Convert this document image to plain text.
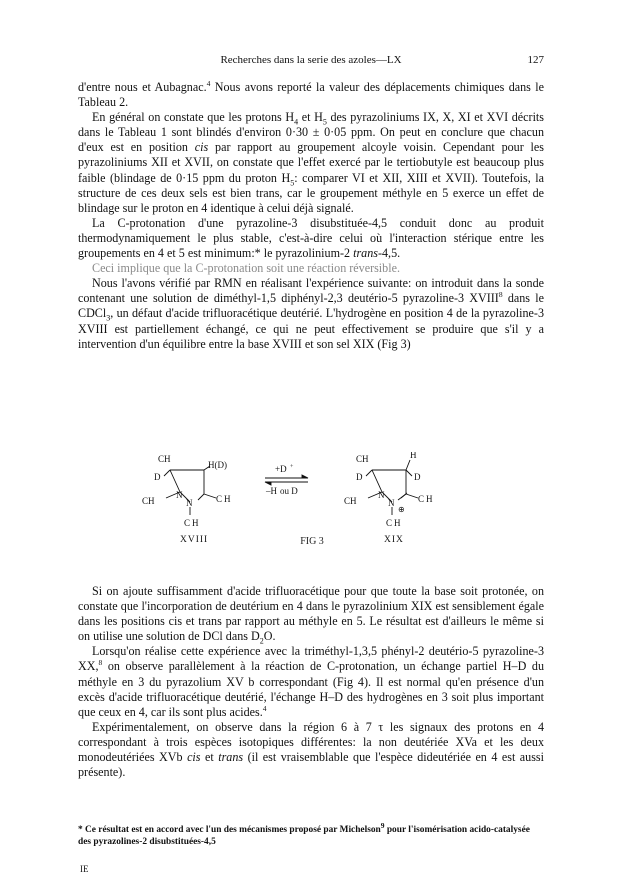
Recherches dans la serie des azoles—LX	127

d'entre nous et Aubagnac.$^4$ Nous avons reporté la valeur des déplacements chimiques dans le Tableau 2.

En général on constate que les protons $H_4$ et $H_5$ des pyrazoliniums IX, X, XI et XVI décrits dans le Tableau 1 sont blindés d'environ 0·30 ± 0·05 ppm. On peut en conclure que chacun d'eux est en position cis par rapport au groupement alcoyle voisin. Cependant pour les pyrazoliniums XII et XVII, on constate que l'effet exercé par le tertiobutyle est beaucoup plus faible (blindage de 0·15 ppm du proton $H_5$: comparer VI et XII, XIII et XVII). Toutefois, la structure de ces deux sels est bien trans, car le groupement méthyle en 5 exerce un effet de blindage sur le proton en 4 identique à celui déjà signalé.

La C-protonation d'une pyrazoline-3 disubstituée-4,5 conduit donc au produit thermodynamiquement le plus stable, c'est-à-dire celui où l'interaction stérique entre les groupements en 4 et 5 est minimum:* le pyrazolinium-2 trans-4,5.

Ceci implique que la C-protonation soit une réaction réversible.

Nous l'avons vérifié par RMN en réalisant l'expérience suivante: on introduit dans la sonde contenant une solution de diméthyl-1,5 diphényl-2,3 deutério-5 pyrazoline-3 XVIII$^8$ dans le CDCl$_3$, un défaut d'acide trifluoracétique deutérié. L'hydrogène en position 4 de la pyrazoline-3 XVIII est partiellement échangé, ce qui ne peut effectivement se produire que s'il y a intervention d'un équilibre entre la base XVIII et son sel XIX (Fig 3)

CH
H(D)
D
N
N
CH	C H
C H
XVIII
+D +
–H ou D
CH	H
D	D
N
N
CH	C H
C H
⊕
XIX
FIG 3

Si on ajoute suffisamment d'acide trifluoracétique pour que toute la base soit protonée, on constate que l'incorporation de deutérium en 4 dans le pyrazolinium XIX est sensiblement égale dans les positions cis et trans par rapport au méthyle en 5. Le résultat est d'ailleurs le même si on utilise une solution de DCl dans $D_2O$.

Lorsqu'on réalise cette expérience avec la triméthyl-1,3,5 phényl-2 deutério-5 pyrazoline-3 XX,$^8$ on observe parallèlement à la réaction de C-protonation, un échange partiel H–D du méthyle en 3 du pyrazolium XV b correspondant (Fig 4). Il est normal qu'en présence d'un excès d'acide trifluoracétique deutérié, l'échange H–D des hydrogènes en 3 soit plus important que ceux en 4, car ils sont plus acides.$^4$

Expérimentalement, on observe dans la région 6 à 7 τ les signaux des protons en 4 correspondant à trois espèces isotopiques différentes: la non deutériée XVa et les deux monodeutériées XVb cis et trans (il est vraisemblable que l'espèce dideutériée en 4 est aussi présente).

* Ce résultat est en accord avec l'un des mécanismes proposé par Michelson$^9$ pour l'isomérisation acido-catalysée des pyrazolines-2 disubstituées-4,5
IE
